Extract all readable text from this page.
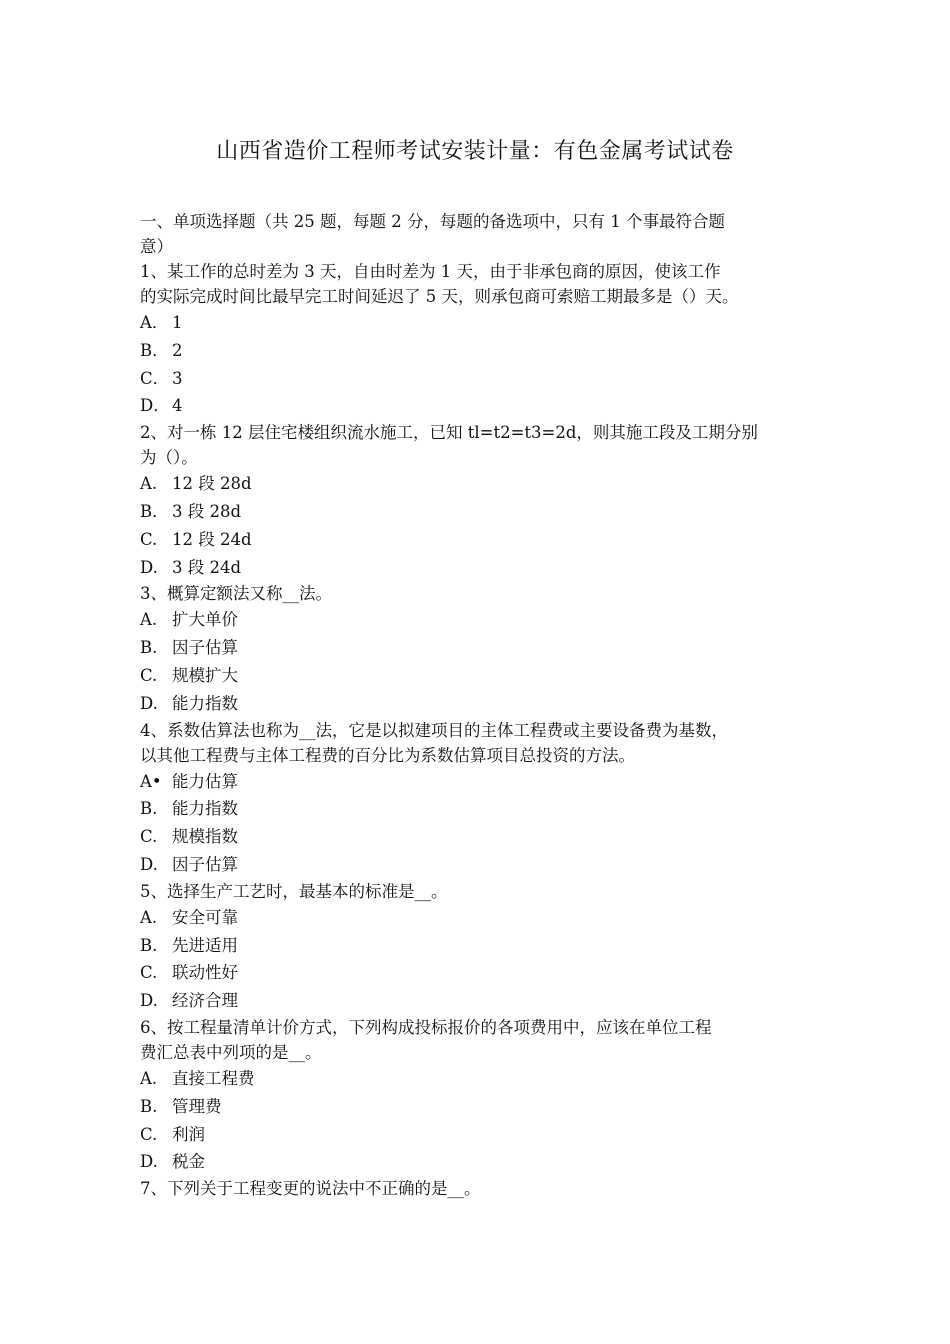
山西省造价工程师考试安装计量：有色金属考试试卷
一、单项选择题（共 25 题，每题 2 分，每题的备选项中，只有 1 个事最符合题
意）
1、某工作的总时差为 3 天，自由时差为 1 天，由于非承包商的原因，使该工作
的实际完成时间比最早完工时间延迟了 5 天，则承包商可索赔工期最多是（）天。
A． 1
B． 2
C． 3
D． 4
2、对一栋 12 层住宅楼组织流水施工，已知 tl=t2=t3=2d，则其施工段及工期分别
为（）。
A. 12 段 28d
B． 3 段 28d
C. 12 段 24d
D. 3 段 24d
3、概算定额法又称__法。
A. 扩大单价
B. 因子估算
C. 规模扩大
D. 能力指数
4、系数估算法也称为__法，它是以拟建项目的主体工程费或主要设备费为基数，
以其他工程费与主体工程费的百分比为系数估算项目总投资的方法。
A• 能力估算
B. 能力指数
C. 规模指数
D. 因子估算
5、选择生产工艺时，最基本的标准是__。
A. 安全可靠
B. 先进适用
C. 联动性好
D. 经济合理
6、按工程量清单计价方式，下列构成投标报价的各项费用中，应该在单位工程
费汇总表中列项的是__。
A. 直接工程费
B. 管理费
C. 利润
D. 税金
7、下列关于工程变更的说法中不正确的是__。
